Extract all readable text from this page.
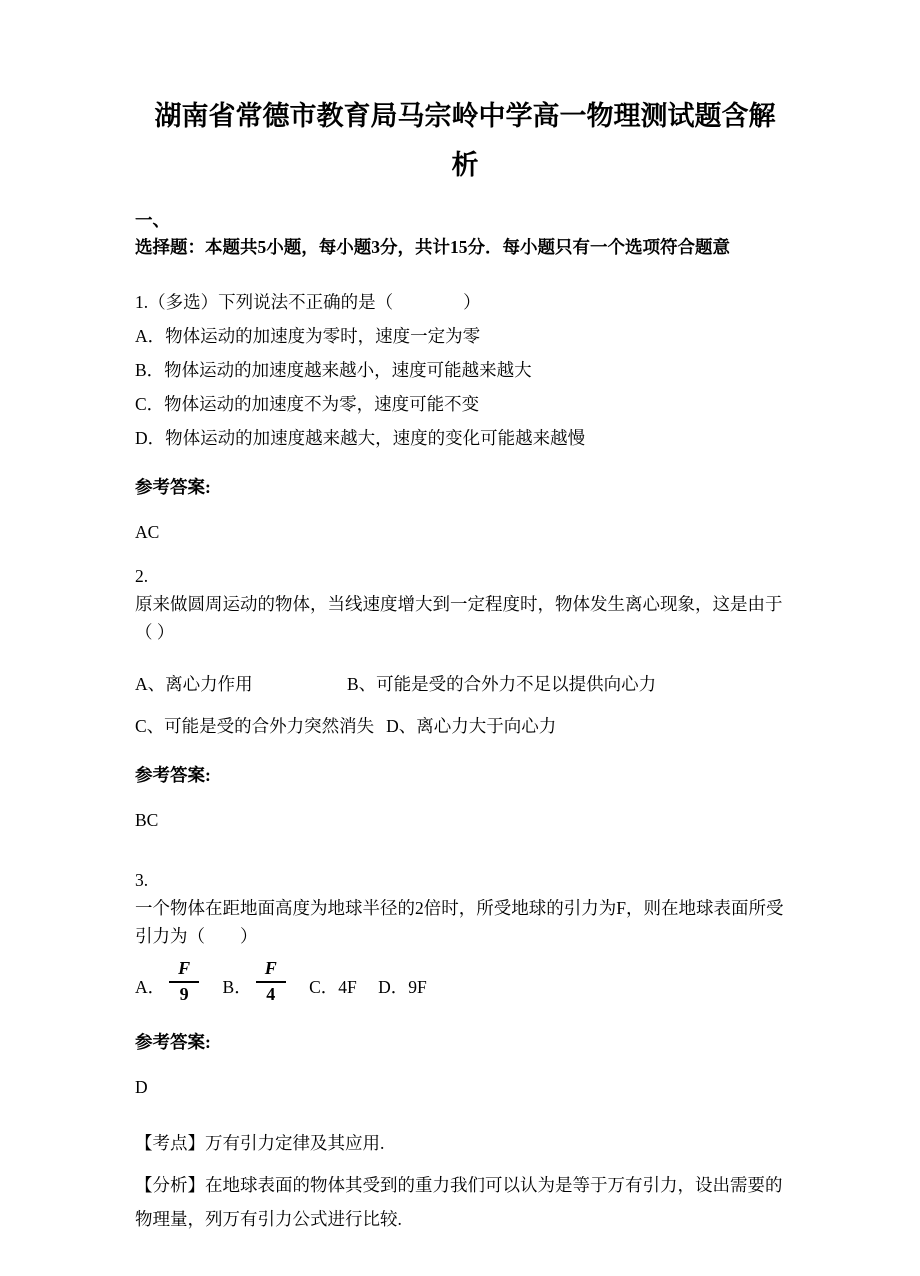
湖南省常德市教育局马宗岭中学高一物理测试题含解
析

一、

选择题：本题共5小题，每小题3分，共计15分．每小题只有一个选项符合题意

1.（多选）下列说法不正确的是（　　　　）

A．物体运动的加速度为零时，速度一定为零

B．物体运动的加速度越来越小，速度可能越来越大

C．物体运动的加速度不为零，速度可能不变

D．物体运动的加速度越来越大，速度的变化可能越来越慢

参考答案:

AC

2.

原来做圆周运动的物体，当线速度增大到一定程度时，物体发生离心现象，这是由于（ ）

A、离心力作用	B、可能是受的合外力不足以提供向心力

C、可能是受的合外力突然消失 D、离心力大于向心力

参考答案:

BC

3.

一个物体在距地面高度为地球半径的2倍时，所受地球的引力为F，则在地球表面所受引力为（　　）

A． $\frac{F}{9}$ B． $\frac{F}{4}$ C．4F D．9F

参考答案:

D

【考点】万有引力定律及其应用.

【分析】在地球表面的物体其受到的重力我们可以认为是等于万有引力，设出需要的物理量，列万有引力公式进行比较.
